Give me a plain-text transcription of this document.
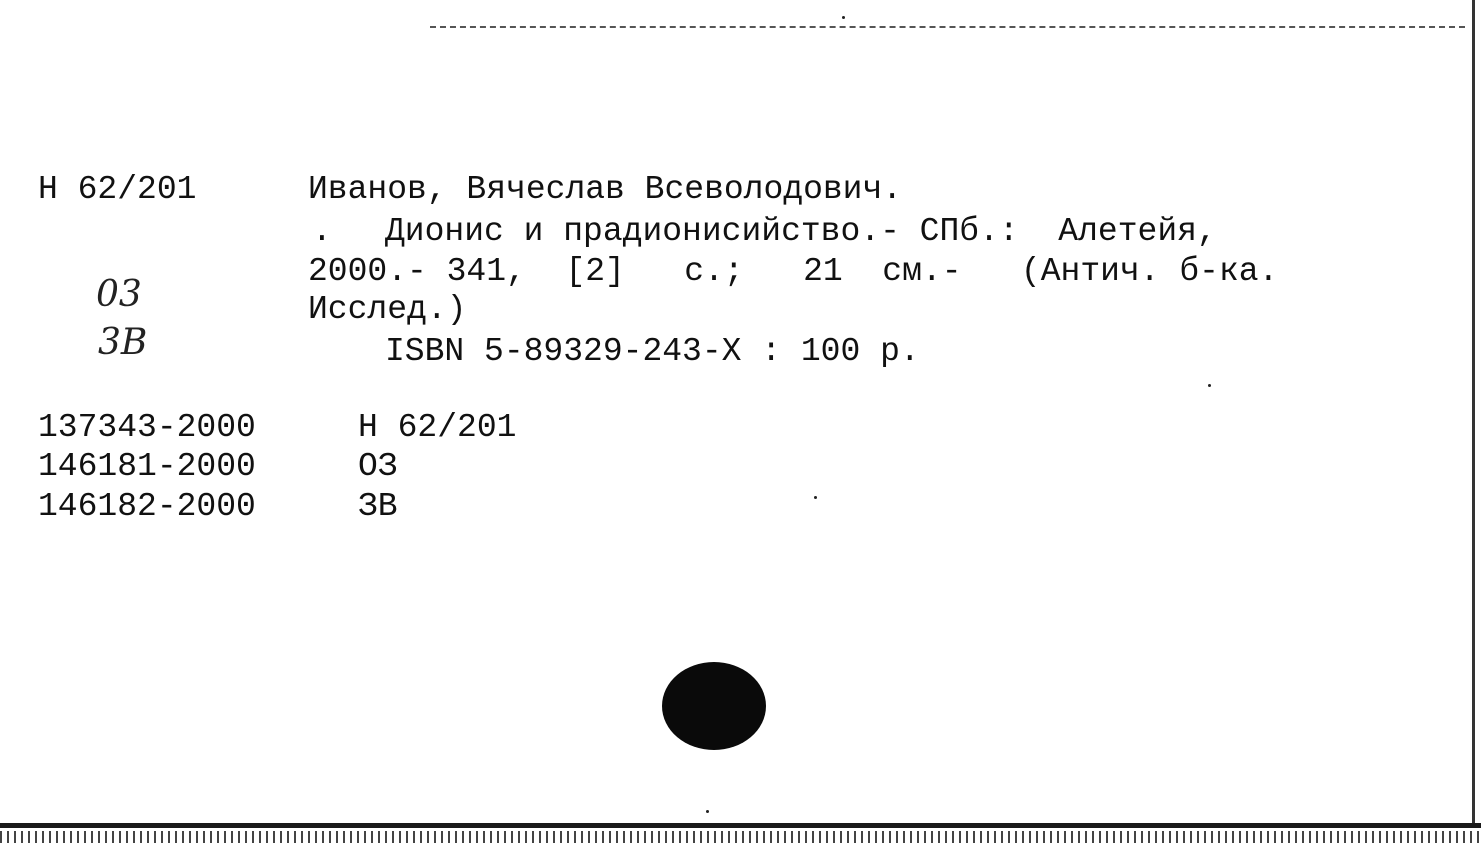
Н 62/201	Иванов, Вячеслав Всеволодович.
. Дионис и прадионисийство.- СПб.:  Алетейя,
2000.- 341,  [2]   с.;   21  см.-   (Антич. б-ка.
Исслед.)
ISBN 5-89329-243-X : 100 р.
03
3В
137343-2000	Н 62/201
146181-2000	ОЗ
146182-2000	ЗВ
